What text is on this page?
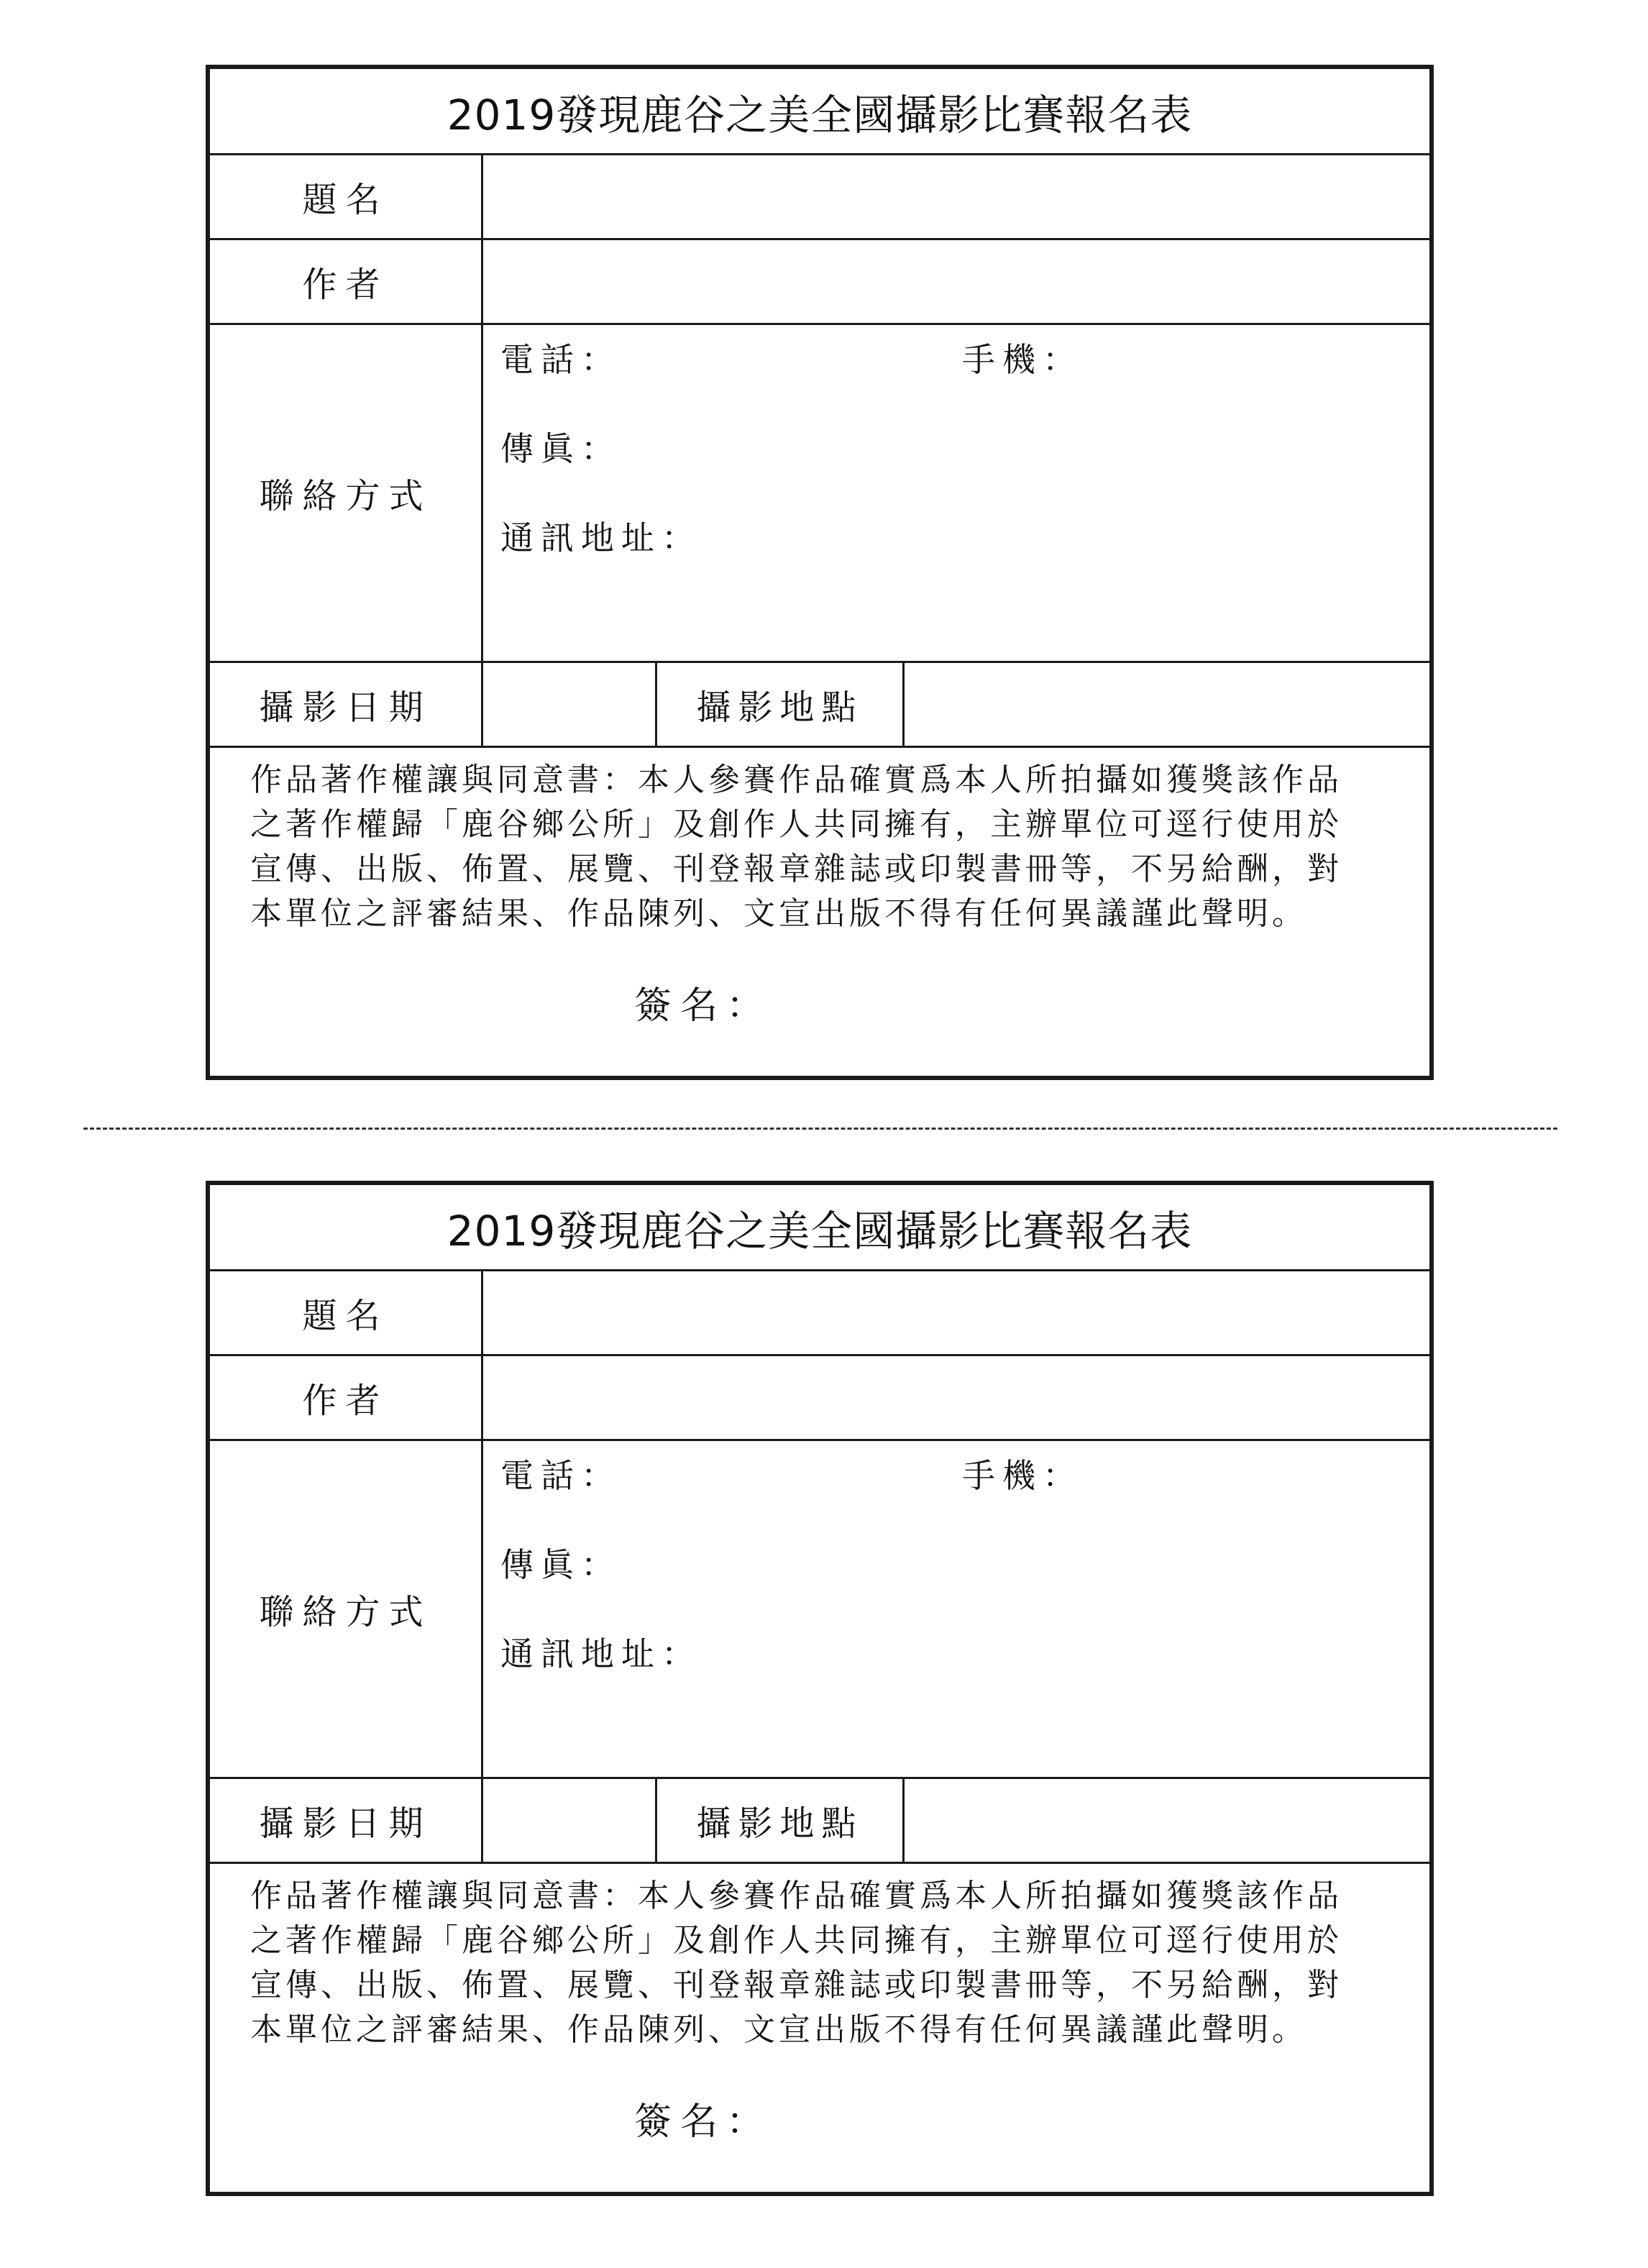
2019發現鹿谷之美全國攝影比賽報名表
題名
作者
聯絡方式
電話：	手機：
傳眞：
通訊地址：
攝影日期	攝影地點

作品著作權讓與同意書：本人參賽作品確實爲本人所拍攝如獲獎該作品

之著作權歸「鹿谷鄉公所」及創作人共同擁有，主辦單位可逕行使用於

宣傳、出版、佈置、展覽、刊登報章雜誌或印製書冊等，不另給酬，對

本單位之評審結果、作品陳列、文宣出版不得有任何異議謹此聲明。

簽名：
2019發現鹿谷之美全國攝影比賽報名表
題名
作者
聯絡方式
電話：	手機：
傳眞：
通訊地址：
攝影日期	攝影地點

作品著作權讓與同意書：本人參賽作品確實爲本人所拍攝如獲獎該作品

之著作權歸「鹿谷鄉公所」及創作人共同擁有，主辦單位可逕行使用於

宣傳、出版、佈置、展覽、刊登報章雜誌或印製書冊等，不另給酬，對

本單位之評審結果、作品陳列、文宣出版不得有任何異議謹此聲明。

簽名：
